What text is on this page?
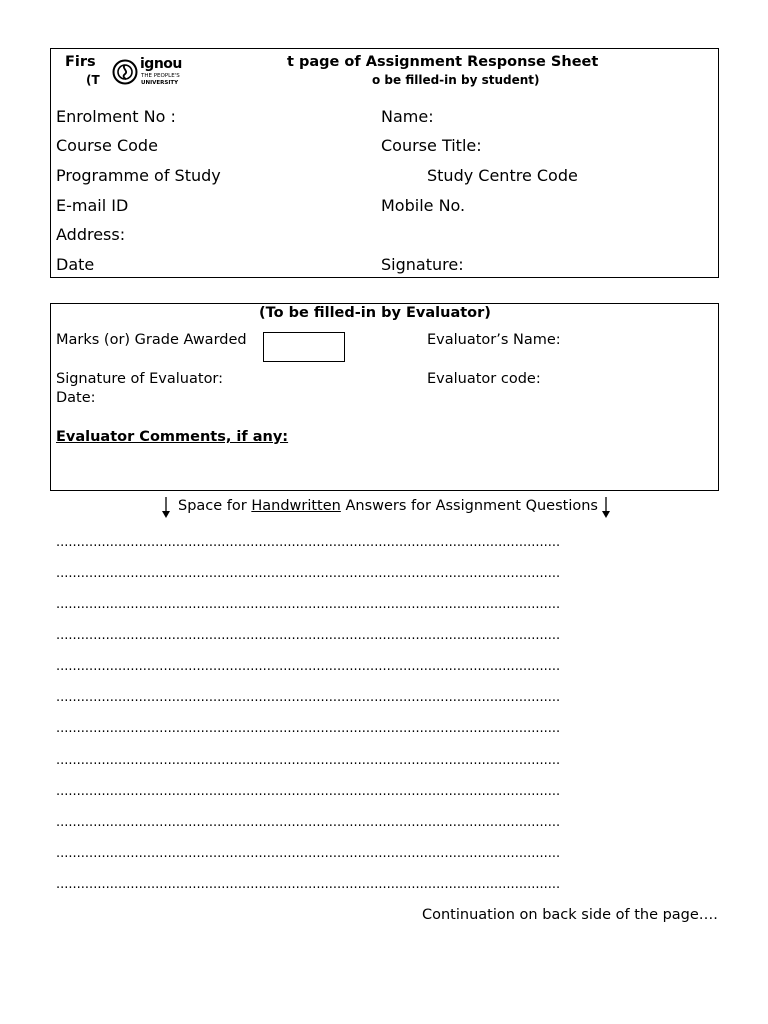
Firs
(T
ignou
THE PEOPLE'S
UNIVERSITY
t page of Assignment Response Sheet
o be filled-in by student)
Enrolment No :	Name:
Course Code	Course Title:
Programme of Study	Study Centre Code
E-mail ID	Mobile No.
Address:
Date	Signature:
(To be filled-in by Evaluator)
Marks (or) Grade Awarded	Evaluator’s Name:
Signature of Evaluator:	Evaluator code:
Date:
Evaluator Comments, if any:
Space for Handwritten Answers for Assignment Questions
..........................................................................................................................
..........................................................................................................................
..........................................................................................................................
..........................................................................................................................
..........................................................................................................................
..........................................................................................................................
..........................................................................................................................
..........................................................................................................................
..........................................................................................................................
..........................................................................................................................
..........................................................................................................................
..........................................................................................................................
Continuation on back side of the page….
